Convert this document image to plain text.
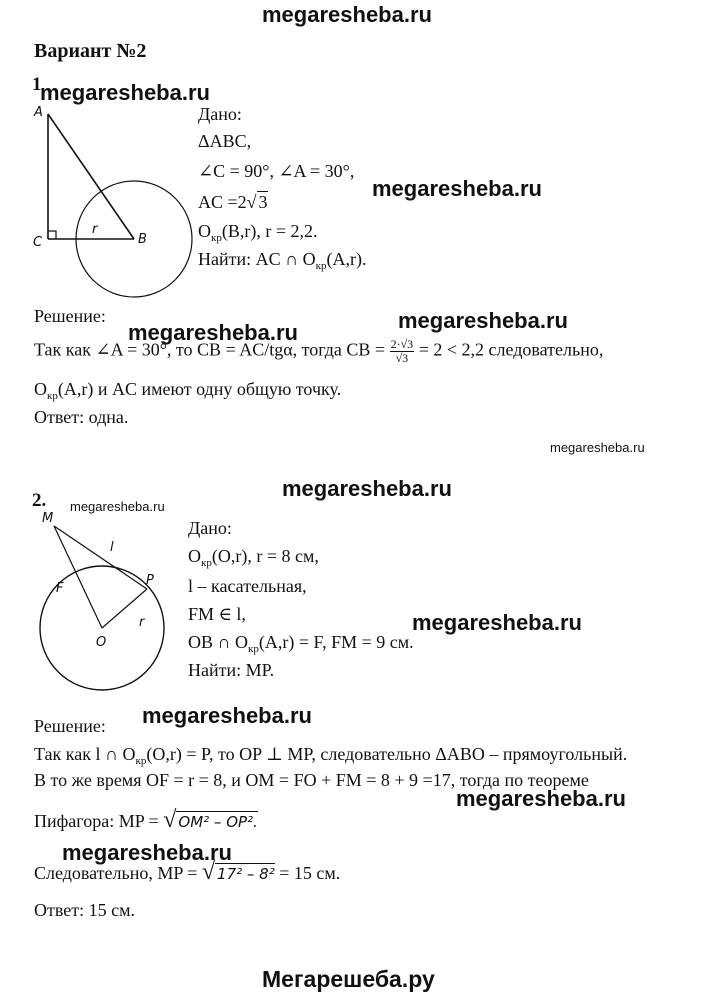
megaresheba.ru
megaresheba.ru
megaresheba.ru
megaresheba.ru	megaresheba.ru
megaresheba.ru
megaresheba.ru
megaresheba.ru
megaresheba.ru
megaresheba.ru
megaresheba.ru
megaresheba.ru
Вариант №2
1
A
C	B
r
Дано:
ΔABC,
∠C = 90°, ∠A = 30°,
AC =2√ 3
$O_{кр}(B,r)$, r = 2,2.
Найти: AC ∩ $O_{кр}(A,r)$.
Решение:
Так как ∠A = 30°, то CB = AC/tgα, тогда CB = $\frac{2\cdot√3}{√3} = 2 < 2,2$ следовательно,
$O_{кр}(A,r)$ и AC имеют одну общую точку.
Ответ: одна.
2.
M
F
l
P
r
O
Дано:
$O_{кр}(O,r)$, r = 8 см,
l – касательная,
FM ∈ l,
OB ∩ $O_{кр}(A,r) = F$, FM = 9 см.
Найти: MP.
Решение:
Так как l ∩ $O_{кр}(O,r) = P$, то OP ⊥ MP, следовательно ΔABO – прямоугольный.
В то же время OF = r = 8, и OM = FO + FM = 8 + 9 =17, тогда по теореме
Пифагора: MP = √ OM² – OP².
Следовательно, MP = √ 17² – 8² = 15 см.
Ответ: 15 см.
Мегарешеба.ру
